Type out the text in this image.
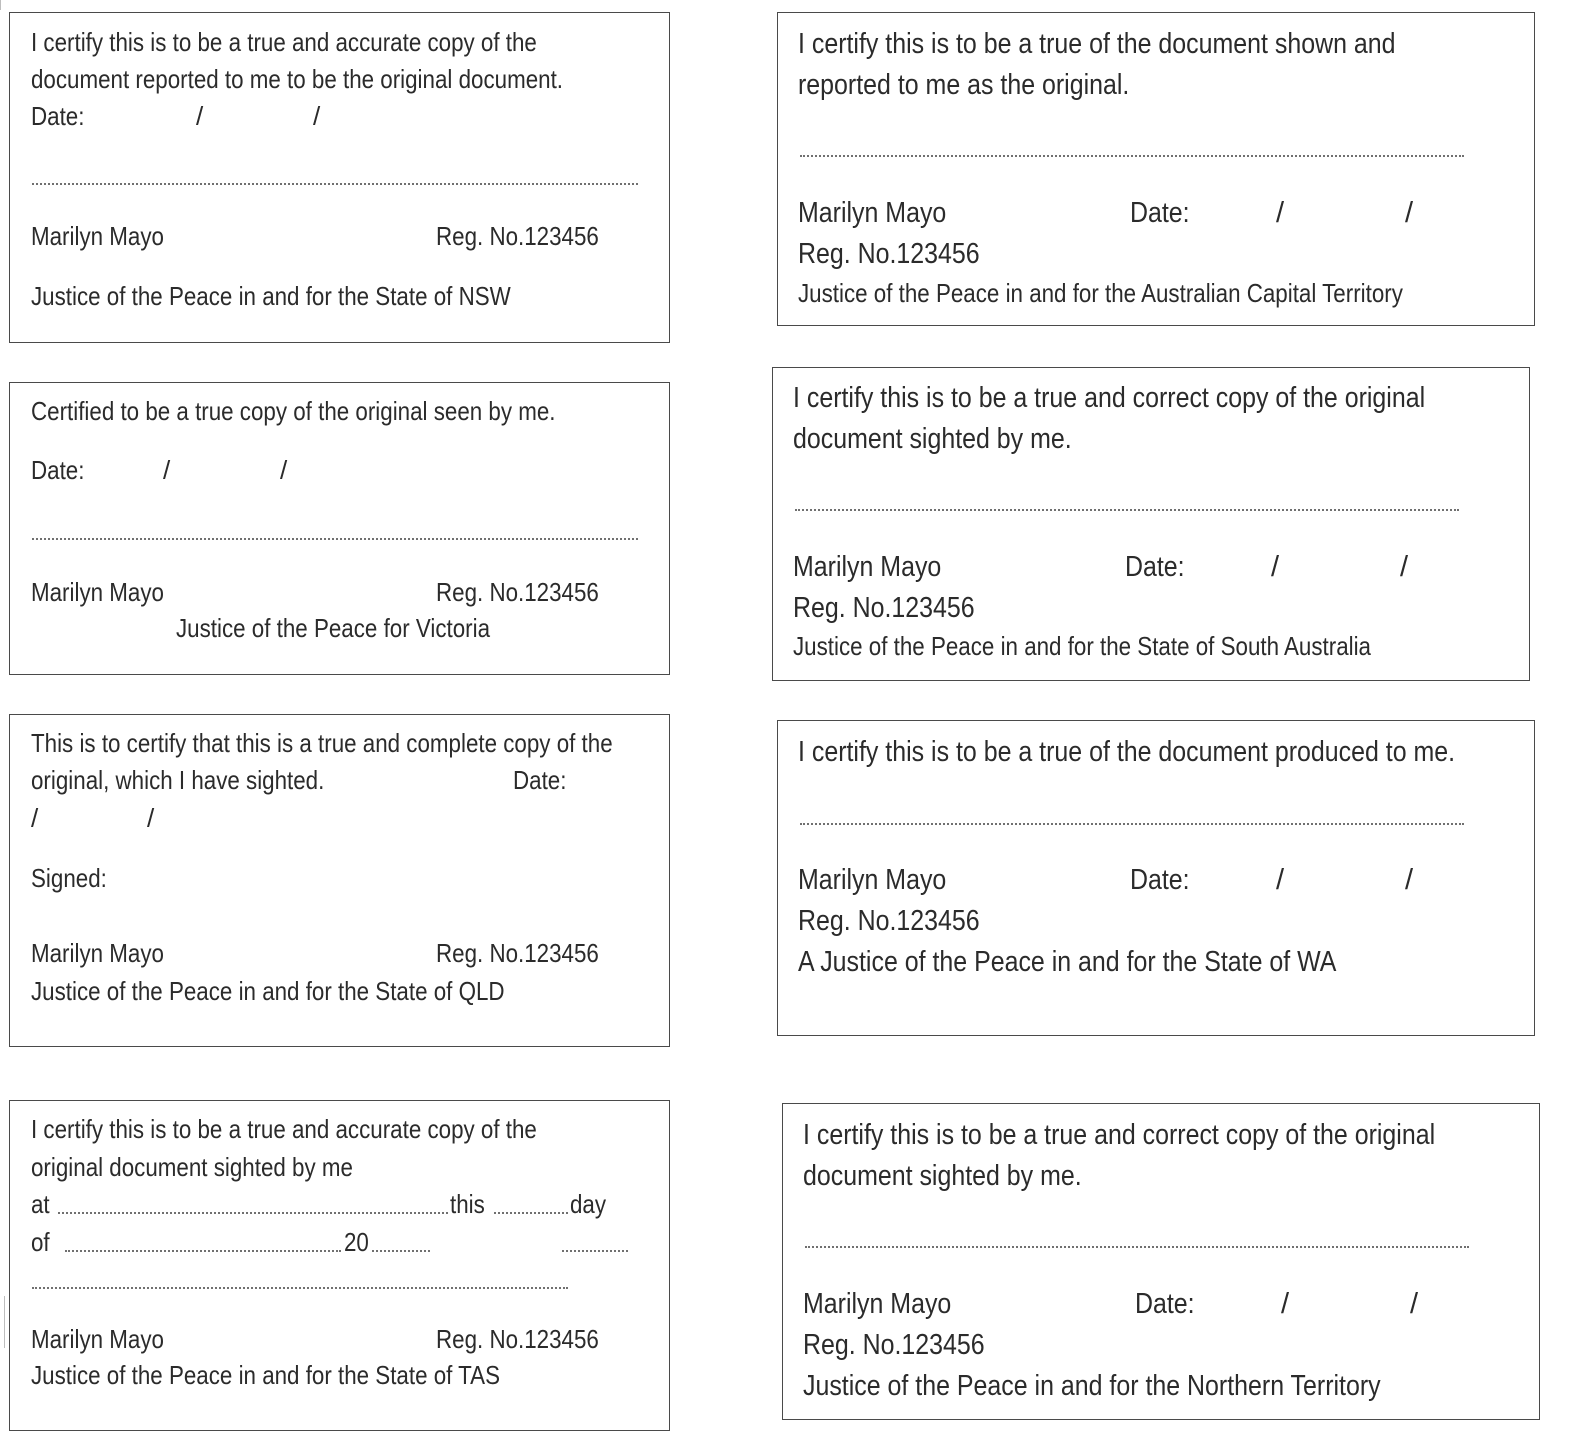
I certify this is to be a true and accurate copy of the
document reported to me to be the original document.
Date:	/	/
Marilyn Mayo	Reg. No.123456
Justice of the Peace in and for the State of NSW
I certify this is to be a true of the document shown and
reported to me as the original.
Marilyn Mayo	Date:	/	/
Reg. No.123456
Justice of the Peace in and for the Australian Capital Territory
Certified to be a true copy of the original seen by me.
Date:	/	/
Marilyn Mayo	Reg. No.123456
Justice of the Peace for Victoria
I certify this is to be a true and correct copy of the original
document sighted by me.
Marilyn Mayo	Date:	/	/
Reg. No.123456
Justice of the Peace in and for the State of South Australia
This is to certify that this is a true and complete copy of the
original, which I have sighted.	Date:
/	/
Signed:
Marilyn Mayo	Reg. No.123456
Justice of the Peace in and for the State of QLD
I certify this is to be a true of the document produced to me.
Marilyn Mayo	Date:	/	/
Reg. No.123456
A Justice of the Peace in and for the State of WA
I certify this is to be a true and accurate copy of the
original document sighted by me
at	this	day
of	20
Marilyn Mayo	Reg. No.123456
Justice of the Peace in and for the State of TAS
I certify this is to be a true and correct copy of the original
document sighted by me.
Marilyn Mayo	Date:	/	/
Reg. No.123456
Justice of the Peace in and for the Northern Territory
